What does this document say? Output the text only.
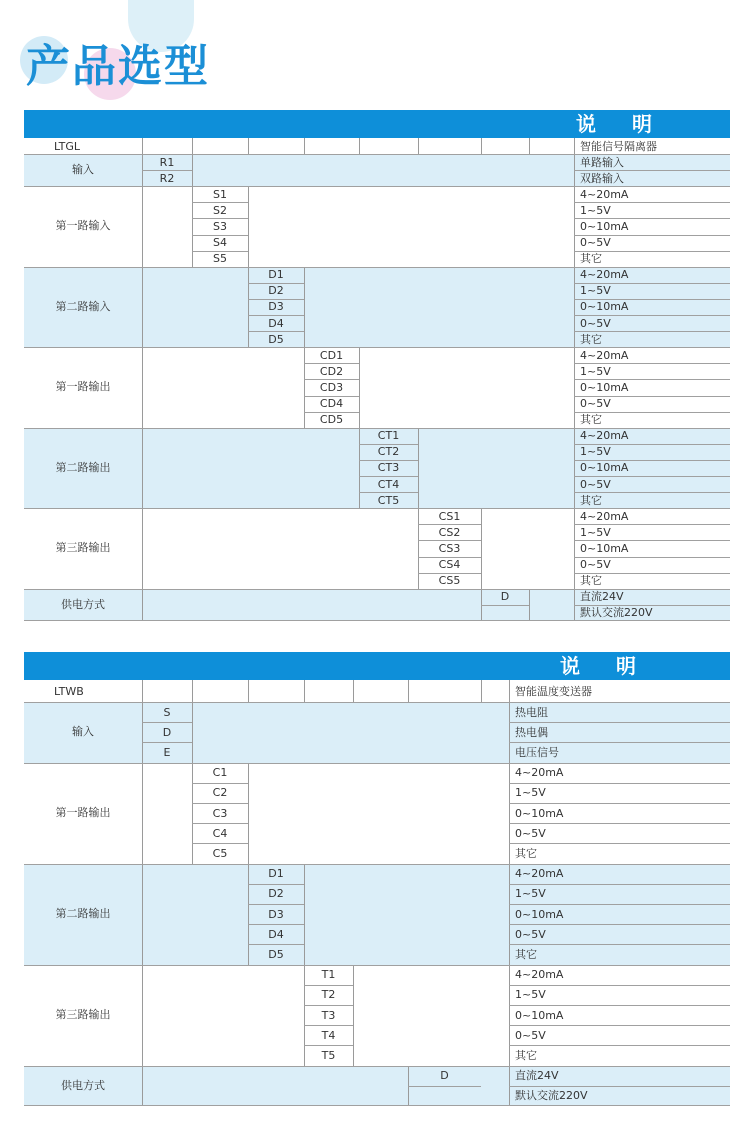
产品选型
说明
LTGL	智能信号隔离器
输入
单路输入
R1
双路输入
R2
第一路输入
4~20mA
S1
1~5V
S2
0~10mA
S3
0~5V
S4
其它
S5
第二路输入
4~20mA
D1
1~5V
D2
0~10mA
D3
0~5V
D4
其它
D5
第一路输出
4~20mA
CD1
1~5V
CD2
0~10mA
CD3
0~5V
CD4
其它
CD5
第二路输出
4~20mA
CT1
1~5V
CT2
0~10mA
CT3
0~5V
CT4
其它
CT5
第三路输出
4~20mA
CS1
1~5V
CS2
0~10mA
CS3
0~5V
CS4
其它
CS5
供电方式
直流24V
D
默认交流220V
说明
LTWB	智能温度变送器
输入
热电阻
S
热电偶
D
电压信号
E
第一路输出
4~20mA
C1
1~5V
C2
0~10mA
C3
0~5V
C4
其它
C5
第二路输出
4~20mA
D1
1~5V
D2
0~10mA
D3
0~5V
D4
其它
D5
第三路输出
4~20mA
T1
1~5V
T2
0~10mA
T3
0~5V
T4
其它
T5
供电方式
直流24V
D
默认交流220V
